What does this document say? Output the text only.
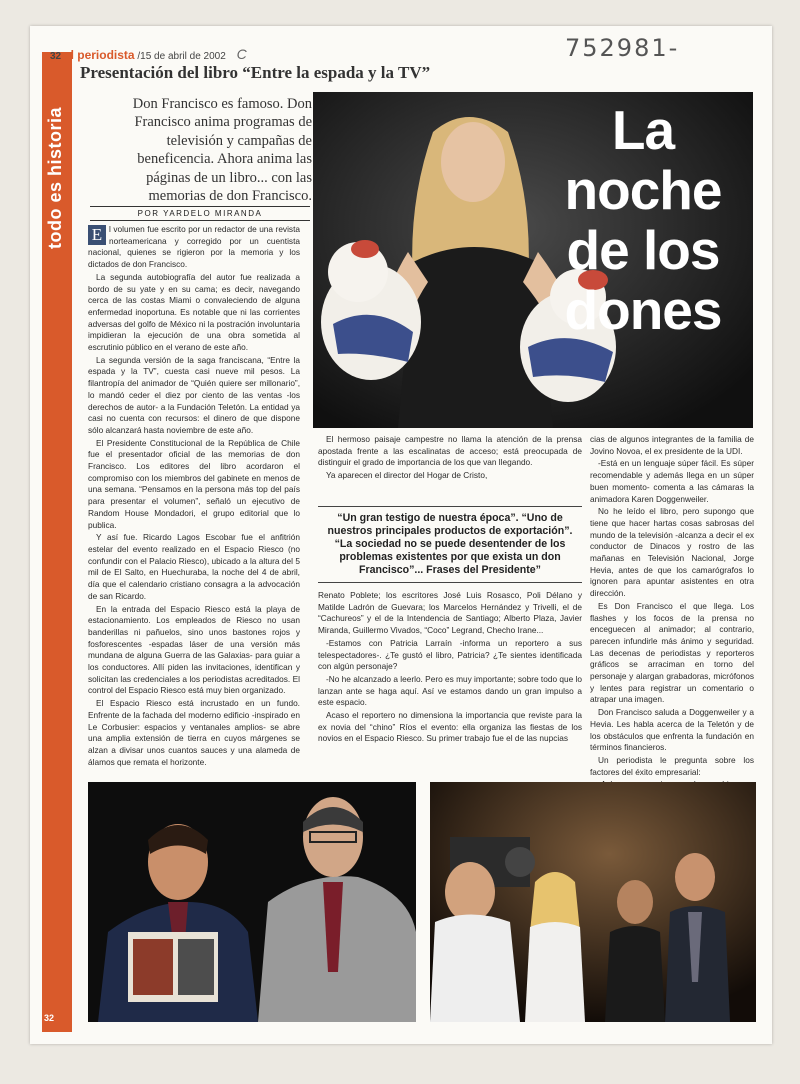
752981-
todo es historia
32 el periodista /15 de abril de 2002 C
Presentación del libro “Entre la espada y la TV”
Don Francisco es famoso. Don Francisco anima programas de televisión y campañas de beneficencia. Ahora anima las páginas de un libro... con las memorias de don Francisco.
POR YARDELO MIRANDA

E l volumen fue escrito por un redactor de una revista norteamericana y corregido por un cuentista nacional, quienes se rigieron por la memoria y los dictados de don Francisco.

La segunda autobiografía del autor fue realizada a bordo de su yate y en su cama; es decir, navegando cerca de las costas Miami o convaleciendo de alguna enfermedad inoportuna. Es notable que ni las corrientes adversas del golfo de México ni la postración involuntaria impidieran la ejecución de una obra sometida al escrutinio público en el verano de este año.

La segunda versión de la saga franciscana, “Entre la espada y la TV”, cuesta casi nueve mil pesos. La filantropía del animador de “Quién quiere ser millonario”, lo mandó ceder el diez por ciento de las ventas -los derechos de autor- a la Fundación Teletón. La entidad ya casi no cuenta con recursos: el dinero de que dispone sólo alcanzará hasta noviembre de este año.

El Presidente Constitucional de la República de Chile fue el presentador oficial de las memorias de don Francisco. Los editores del libro acordaron el compromiso con los miembros del gabinete en menos de una semana. “Pensamos en la persona más top del país para presentar el volumen”, señaló un ejecutivo de Random House Mondadori, el grupo editorial que lo publica.

Y así fue. Ricardo Lagos Escobar fue el anfitrión estelar del evento realizado en el Espacio Riesco (no confundir con el Palacio Riesco), ubicado a la altura del 5 mil de El Salto, en Huechuraba, la noche del 4 de abril, día que el calendario cristiano consagra a la advocación de san Ricardo.

En la entrada del Espacio Riesco está la playa de estacionamiento. Los empleados de Riesco no usan banderillas ni pañuelos, sino unos bastones rojos y fosforescentes -espadas láser de una versión más mundana de alguna Guerra de las Galaxias- para guiar a los conductores. Allí piden las invitaciones, identifican y solicitan las credenciales a los periodistas acreditados. El control del Espacio Riesco está muy bien organizado.

El Espacio Riesco está incrustado en un fundo. Enfrente de la fachada del moderno edificio -inspirado en Le Corbusier: espacios y ventanales amplios- se abre una amplia extensión de tierra en cuyos márgenes se alzan a divisar unos cuantos sauces y una alameda de álamos que remata el horizonte.

La noche
de los
dones

El hermoso paisaje campestre no llama la atención de la prensa apostada frente a las escalinatas de acceso; está preocupada de distinguir el grado de importancia de los que van llegando.

Ya aparecen el director del Hogar de Cristo,

“Un gran testigo de nuestra época”. “Uno de nuestros principales productos de exportación”. “La sociedad no se puede desentender de los problemas existentes por que exista un don Francisco”... Frases del Presidente”

Renato Poblete; los escritores José Luis Rosasco, Poli Délano y Matilde Ladrón de Guevara; los Marcelos Hernández y Trivelli, el de “Cachureos” y el de la Intendencia de Santiago; Alberto Plaza, Javier Miranda, Guillermo Vivados, “Coco” Legrand, Checho Irane...

-Estamos con Patricia Larraín -informa un reportero a sus telespectadores-. ¿Te gustó el libro, Patricia? ¿Te sientes identificada con algún personaje?

-No he alcanzado a leerlo. Pero es muy importante; sobre todo que lo lanzan ante se haga aquí. Así ve estamos dando un gran impulso a este espacio.

Acaso el reportero no dimensiona la importancia que reviste para la ex novia del “chino” Ríos el evento: ella organiza las fiestas de los novios en el Espacio Riesco. Su primer trabajo fue el de las nupcias

cias de algunos integrantes de la familia de Jovino Novoa, el ex presidente de la UDI.

-Está en un lenguaje súper fácil. Es súper recomendable y además llega en un súper buen momento- comenta a las cámaras la animadora Karen Doggenweiler.

No he leído el libro, pero supongo que tiene que hacer hartas cosas sabrosas del mundo de la televisión -alcanza a decir el ex conductor de Dinacos y rostro de las mañanas en Televisión Nacional, Jorge Hevia, antes de que los camarógrafos lo ignoren para apuntar asistentes en otra dirección.

Es Don Francisco el que llega. Los flashes y los focos de la prensa no enceguecen al animador; al contrario, parecen infundirle más ánimo y seguridad. Las decenas de periodistas y reporteros gráficos se arraciman en torno del personaje y alargan grabadoras, micrófonos y lentes para registrar un comentario o atrapar una imagen.

Don Francisco saluda a Doggenweiler y a Hevia. Les habla acerca de la Teletón y de los obstáculos que enfrenta la fundación en términos financieros.

Un periodista le pregunta sobre los factores del éxito empresarial:

32
